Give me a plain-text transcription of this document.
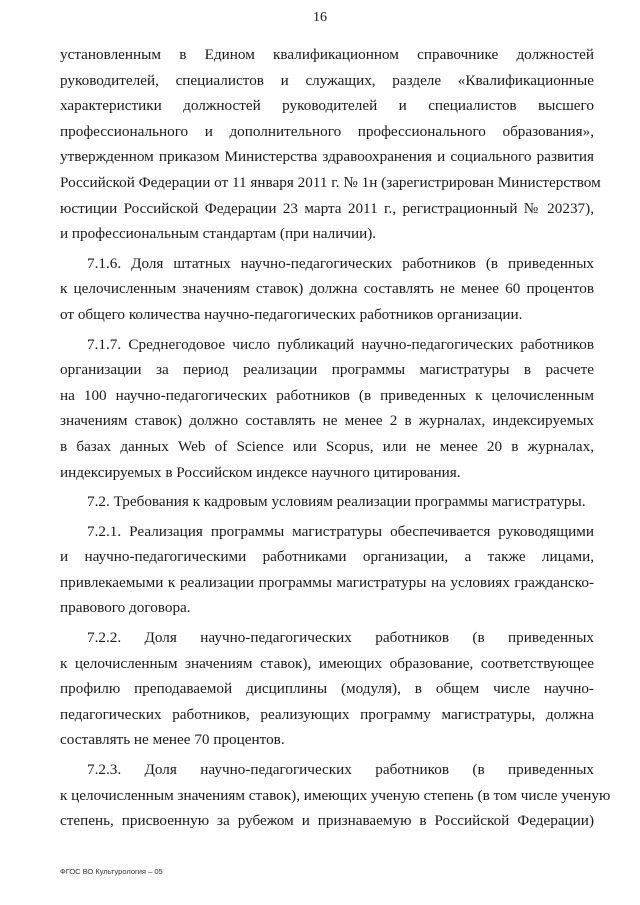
16
установленным в Едином квалификационном справочнике должностей
руководителей, специалистов и служащих, разделе «Квалификационные
характеристики должностей руководителей и специалистов высшего
профессионального и дополнительного профессионального образования»,
утвержденном приказом Министерства здравоохранения и социального развития
Российской Федерации от 11 января 2011 г. № 1н (зарегистрирован Министерством
юстиции Российской Федерации 23 марта 2011 г., регистрационный № 20237),
и профессиональным стандартам (при наличии).
7.1.6. Доля штатных научно-педагогических работников (в приведенных
к целочисленным значениям ставок) должна составлять не менее 60 процентов
от общего количества научно-педагогических работников организации.
7.1.7. Среднегодовое число публикаций научно-педагогических работников
организации за период реализации программы магистратуры в расчете
на 100 научно-педагогических работников (в приведенных к целочисленным
значениям ставок) должно составлять не менее 2 в журналах, индексируемых
в базах данных Web of Science или Scopus, или не менее 20 в журналах,
индексируемых в Российском индексе научного цитирования.
7.2. Требования к кадровым условиям реализации программы магистратуры.
7.2.1. Реализация программы магистратуры обеспечивается руководящими
и научно-педагогическими работниками организации, а также лицами,
привлекаемыми к реализации программы магистратуры на условиях гражданско-
правового договора.
7.2.2. Доля научно-педагогических работников (в приведенных
к целочисленным значениям ставок), имеющих образование, соответствующее
профилю преподаваемой дисциплины (модуля), в общем числе научно-
педагогических работников, реализующих программу магистратуры, должна
составлять не менее 70 процентов.
7.2.3. Доля научно-педагогических работников (в приведенных
к целочисленным значениям ставок), имеющих ученую степень (в том числе ученую
степень, присвоенную за рубежом и признаваемую в Российской Федерации)
ФГОС ВО Культурология – 05
